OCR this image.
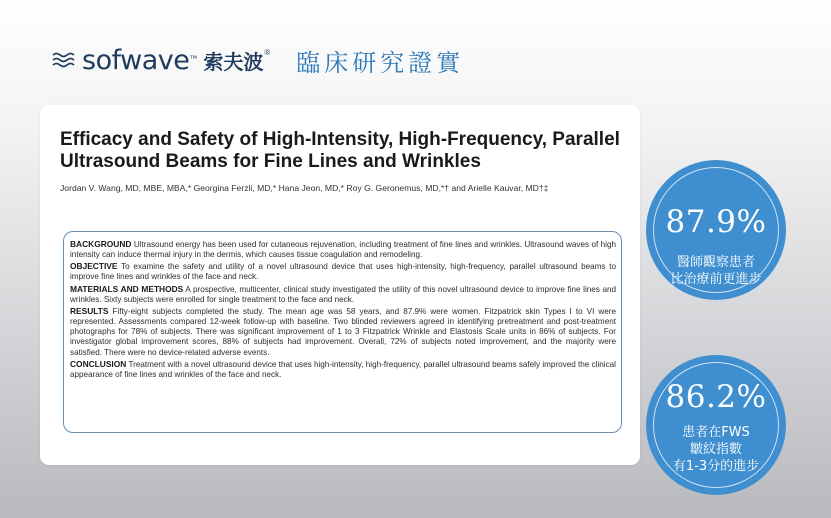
sofwave ™ 索夫波 ® 臨床研究證實
Efficacy and Safety of High-Intensity, High-Frequency, Parallel Ultrasound Beams for Fine Lines and Wrinkles
Jordan V. Wang, MD, MBE, MBA,* Georgina Ferzli, MD,* Hana Jeon, MD,* Roy G. Geronemus, MD,*† and Arielle Kauvar, MD†‡

BACKGROUND Ultrasound energy has been used for cutaneous rejuvenation, including treatment of fine lines and wrinkles. Ultrasound waves of high intensity can induce thermal injury in the dermis, which causes tissue coagulation and remodeling.

OBJECTIVE To examine the safety and utility of a novel ultrasound device that uses high-intensity, high-frequency, parallel ultrasound beams to improve fine lines and wrinkles of the face and neck.

MATERIALS AND METHODS A prospective, multicenter, clinical study investigated the utility of this novel ultrasound device to improve fine lines and wrinkles. Sixty subjects were enrolled for single treatment to the face and neck.

RESULTS Fifty-eight subjects completed the study. The mean age was 58 years, and 87.9% were women. Fitzpatrick skin Types I to VI were represented. Assessments compared 12-week follow-up with baseline. Two blinded reviewers agreed in identifying pretreatment and post-treatment photographs for 78% of subjects. There was significant improvement of 1 to 3 Fitzpatrick Wrinkle and Elastosis Scale units in 86% of subjects. For investigator global improvement scores, 88% of subjects had improvement. Overall, 72% of subjects noted improvement, and the majority were satisfied. There were no device-related adverse events.

CONCLUSION Treatment with a novel ultrasound device that uses high-intensity, high-frequency, parallel ultrasound beams safely improved the clinical appearance of fine lines and wrinkles of the face and neck.

87.9%
醫師觀察患者
比治療前更進步
86.2%
患者在FWS
皺紋指數
有1-3分的進步
